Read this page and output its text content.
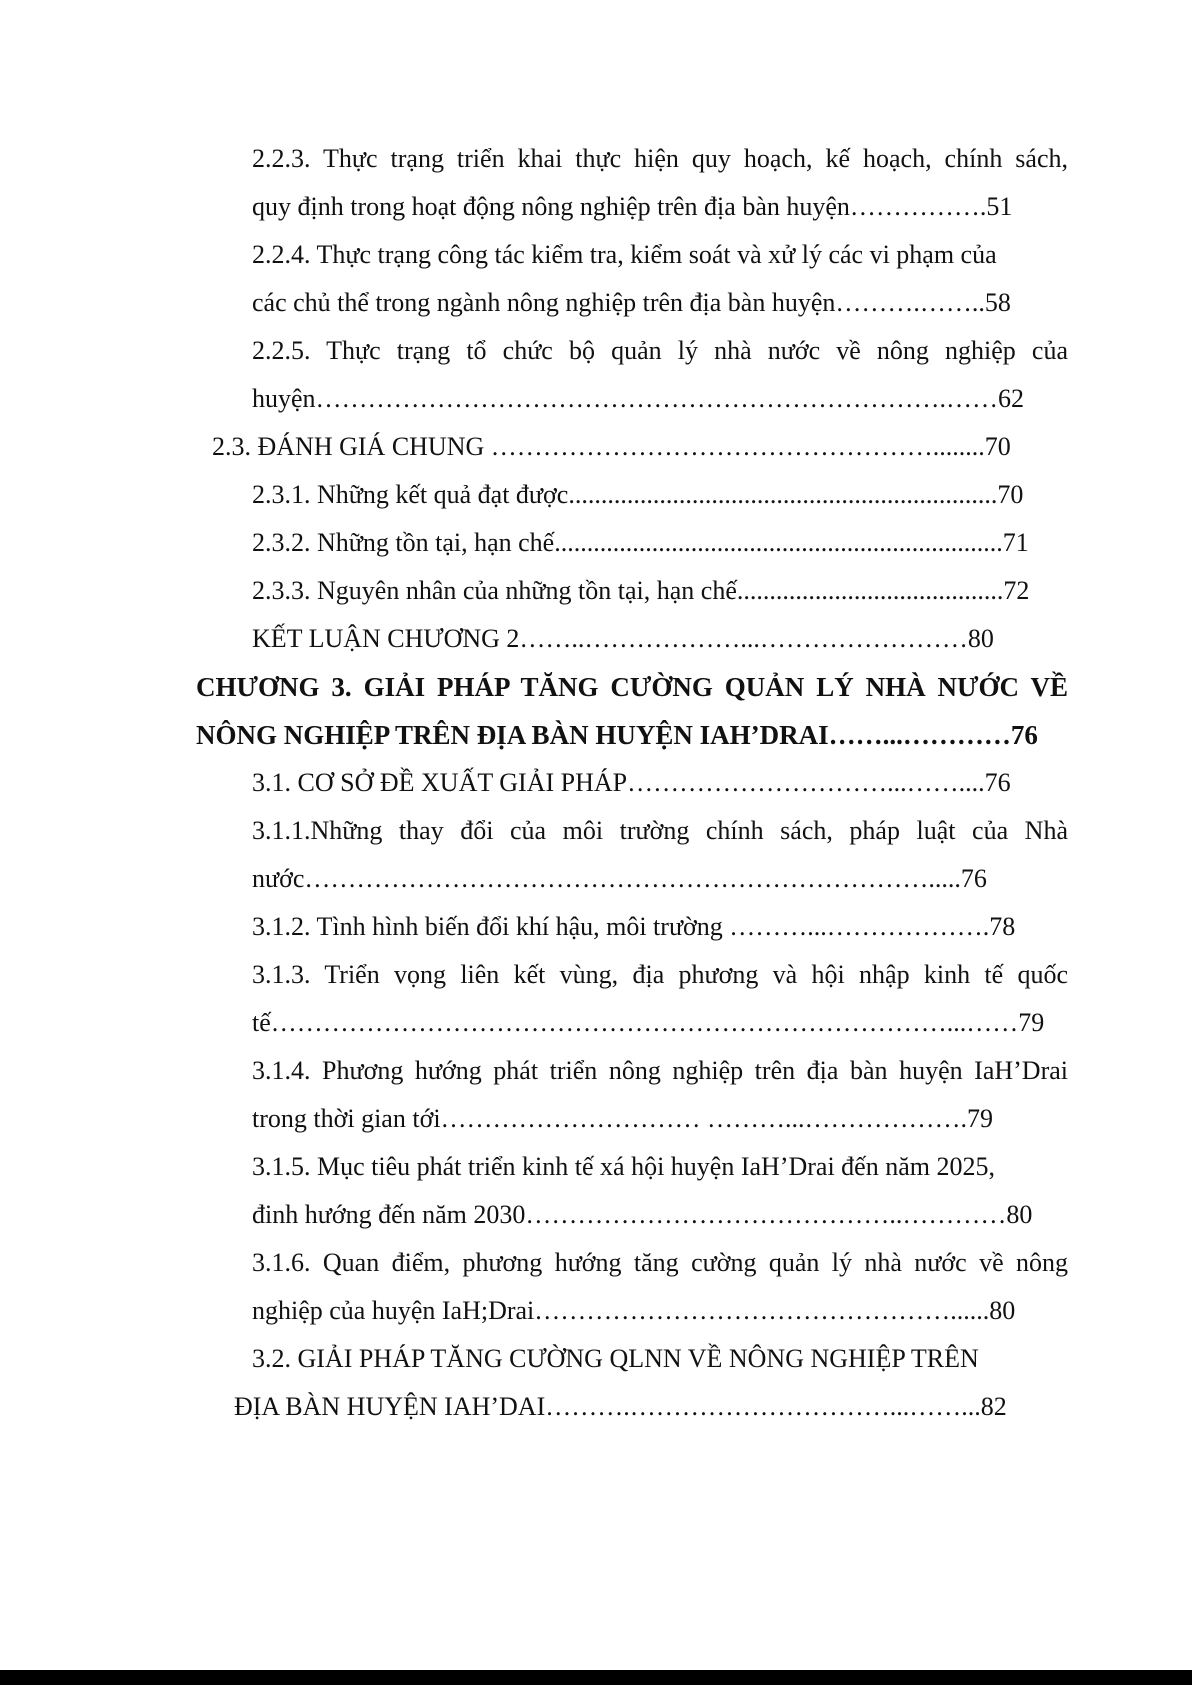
2.2.3. Thực trạng triển khai thực hiện quy hoạch, kế hoạch, chính sách,
quy định trong hoạt động nông nghiệp trên địa bàn huyện…………….51
2.2.4. Thực trạng công tác kiểm tra, kiểm soát và xử lý các vi phạm của
các chủ thể trong ngành nông nghiệp trên địa bàn huyện……….……..58
2.2.5. Thực trạng tổ chức bộ quản lý nhà nước về nông nghiệp của
huyện……………………………………………………………….……62
2.3. ĐÁNH GIÁ CHUNG ……………………………………………........70
2.3.1. Những kết quả đạt được..................................................................70
2.3.2. Những tồn tại, hạn chế.....................................................................71
2.3.3. Nguyên nhân của những tồn tại, hạn chế.........................................72
KẾT LUẬN CHƯƠNG 2……..………………...……………………80
CHƯƠNG 3. GIẢI PHÁP TĂNG CƯỜNG QUẢN LÝ NHÀ NƯỚC VỀ
NÔNG NGHIỆP TRÊN ĐỊA BÀN HUYỆN IAH’DRAI……...…………76
3.1. CƠ SỞ ĐỀ XUẤT GIẢI PHÁP…………………………...……....76
3.1.1.Những thay đổi của môi trường chính sách, pháp luật của Nhà
nước……………………………………………………………….....76
3.1.2. Tình hình biến đổi khí hậu, môi trường ………...……………….78
3.1.3. Triển vọng liên kết vùng, địa phương và hội nhập kinh tế quốc
tế……………………………………………………………………...……79
3.1.4. Phương hướng phát triển nông nghiệp trên địa bàn huyện IaH’Drai
trong thời gian tới………………………… ………...……………….79
3.1.5. Mục tiêu phát triển kinh tế xá hội huyện IaH’Drai đến năm 2025,
đinh hướng đến năm 2030……………………………………..…………80
3.1.6. Quan điểm, phương hướng tăng cường quản lý nhà nước về nông
nghiệp của huyện IaH;Drai…………………………………………......80
3.2. GIẢI PHÁP TĂNG CƯỜNG QLNN VỀ NÔNG NGHIỆP TRÊN
ĐỊA BÀN HUYỆN IAH’DAI……….…………………………...……...82
